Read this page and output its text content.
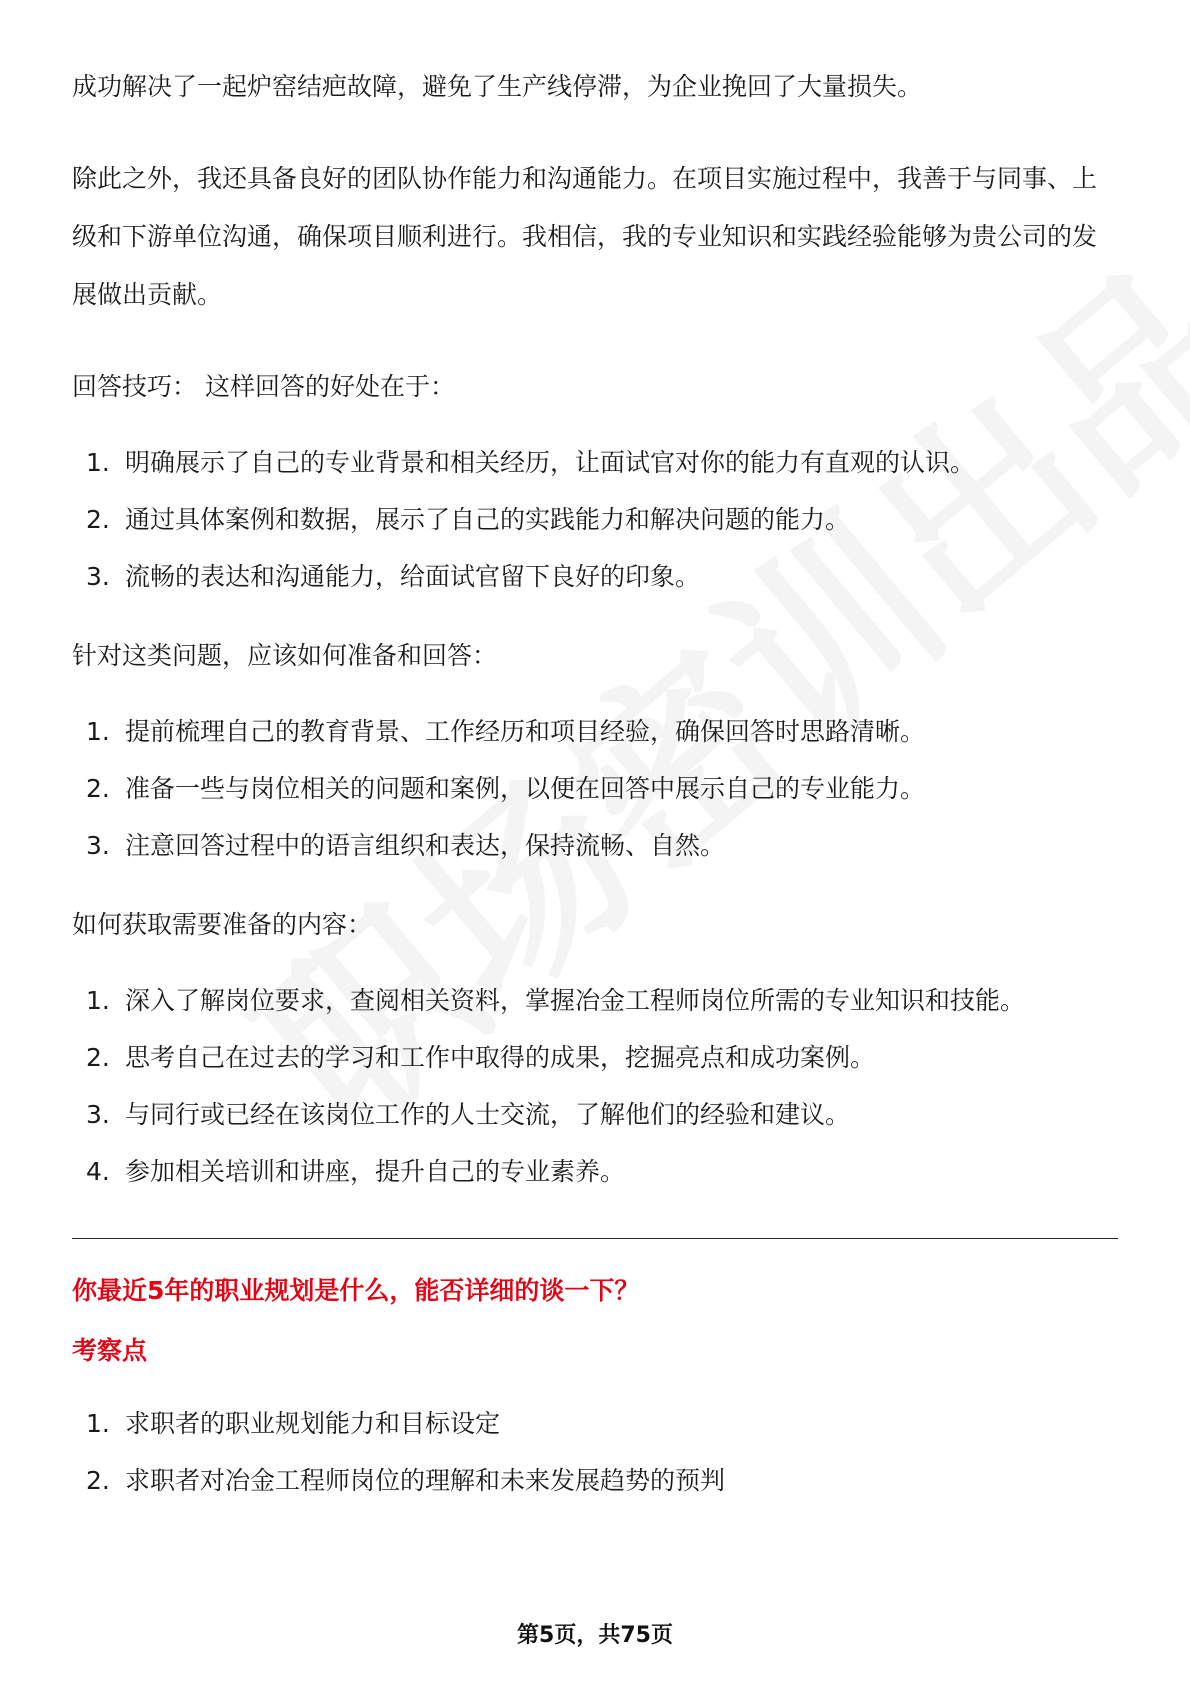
成功解决了一起炉窑结疤故障，避免了生产线停滞，为企业挽回了大量损失。

除此之外，我还具备良好的团队协作能力和沟通能力。在项目实施过程中，我善于与同事、上级和下游单位沟通，确保项目顺利进行。我相信，我的专业知识和实践经验能够为贵公司的发展做出贡献。

回答技巧： 这样回答的好处在于：

1. 明确展示了自己的专业背景和相关经历，让面试官对你的能力有直观的认识。
2. 通过具体案例和数据，展示了自己的实践能力和解决问题的能力。
3. 流畅的表达和沟通能力，给面试官留下良好的印象。

针对这类问题，应该如何准备和回答：

1. 提前梳理自己的教育背景、工作经历和项目经验，确保回答时思路清晰。
2. 准备一些与岗位相关的问题和案例，以便在回答中展示自己的专业能力。
3. 注意回答过程中的语言组织和表达，保持流畅、自然。

如何获取需要准备的内容：

1. 深入了解岗位要求，查阅相关资料，掌握冶金工程师岗位所需的专业知识和技能。
2. 思考自己在过去的学习和工作中取得的成果，挖掘亮点和成功案例。
3. 与同行或已经在该岗位工作的人士交流，了解他们的经验和建议。
4. 参加相关培训和讲座，提升自己的专业素养。
你最近5年的职业规划是什么，能否详细的谈一下？
考察点
1. 求职者的职业规划能力和目标设定
2. 求职者对冶金工程师岗位的理解和未来发展趋势的预判
第5页，共75页
